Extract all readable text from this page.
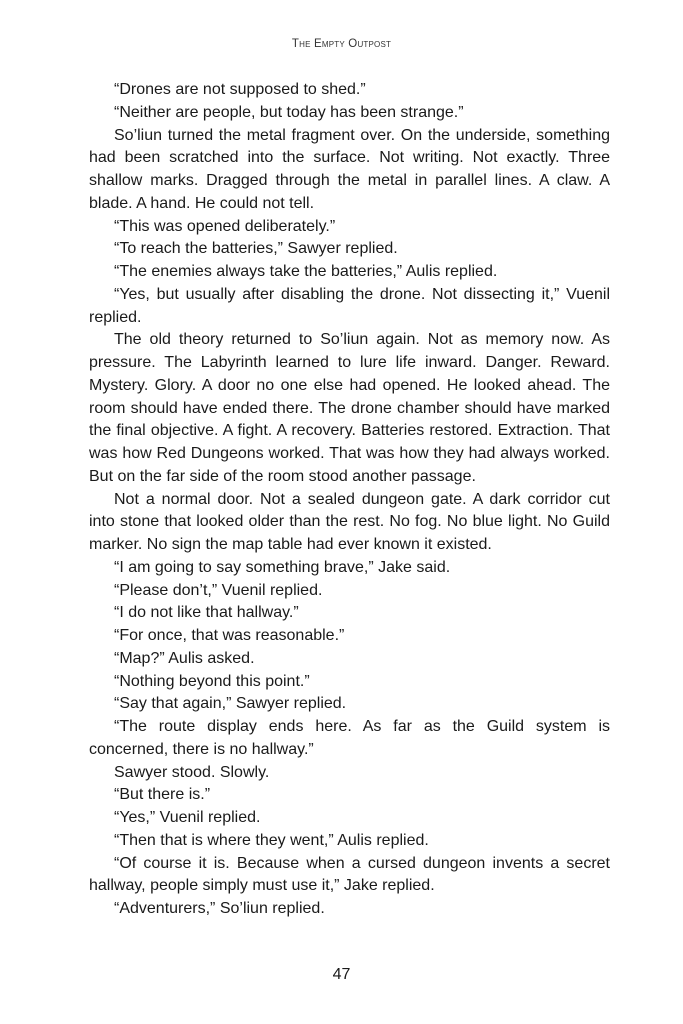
The Empty Outpost

“Drones are not supposed to shed.”

“Neither are people, but today has been strange.”

So’liun turned the metal fragment over. On the underside, something had been scratched into the surface. Not writing. Not exactly. Three shallow marks. Dragged through the metal in parallel lines. A claw. A blade. A hand. He could not tell.

“This was opened deliberately.”

“To reach the batteries,” Sawyer replied.

“The enemies always take the batteries,” Aulis replied.

“Yes, but usually after disabling the drone. Not dissecting it,” Vuenil replied.

The old theory returned to So’liun again. Not as memory now. As pressure. The Labyrinth learned to lure life inward. Danger. Reward. Mystery. Glory. A door no one else had opened. He looked ahead. The room should have ended there. The drone chamber should have marked the final objective. A fight. A recovery. Batteries restored. Extraction. That was how Red Dungeons worked. That was how they had always worked. But on the far side of the room stood another passage.

Not a normal door. Not a sealed dungeon gate. A dark corridor cut into stone that looked older than the rest. No fog. No blue light. No Guild marker. No sign the map table had ever known it existed.

“I am going to say something brave,” Jake said.

“Please don’t,” Vuenil replied.

“I do not like that hallway.”

“For once, that was reasonable.”

“Map?” Aulis asked.

“Nothing beyond this point.”

“Say that again,” Sawyer replied.

“The route display ends here. As far as the Guild system is concerned, there is no hallway.”

Sawyer stood. Slowly.

“But there is.”

“Yes,” Vuenil replied.

“Then that is where they went,” Aulis replied.

“Of course it is. Because when a cursed dungeon invents a secret hallway, people simply must use it,” Jake replied.

“Adventurers,” So’liun replied.

47
